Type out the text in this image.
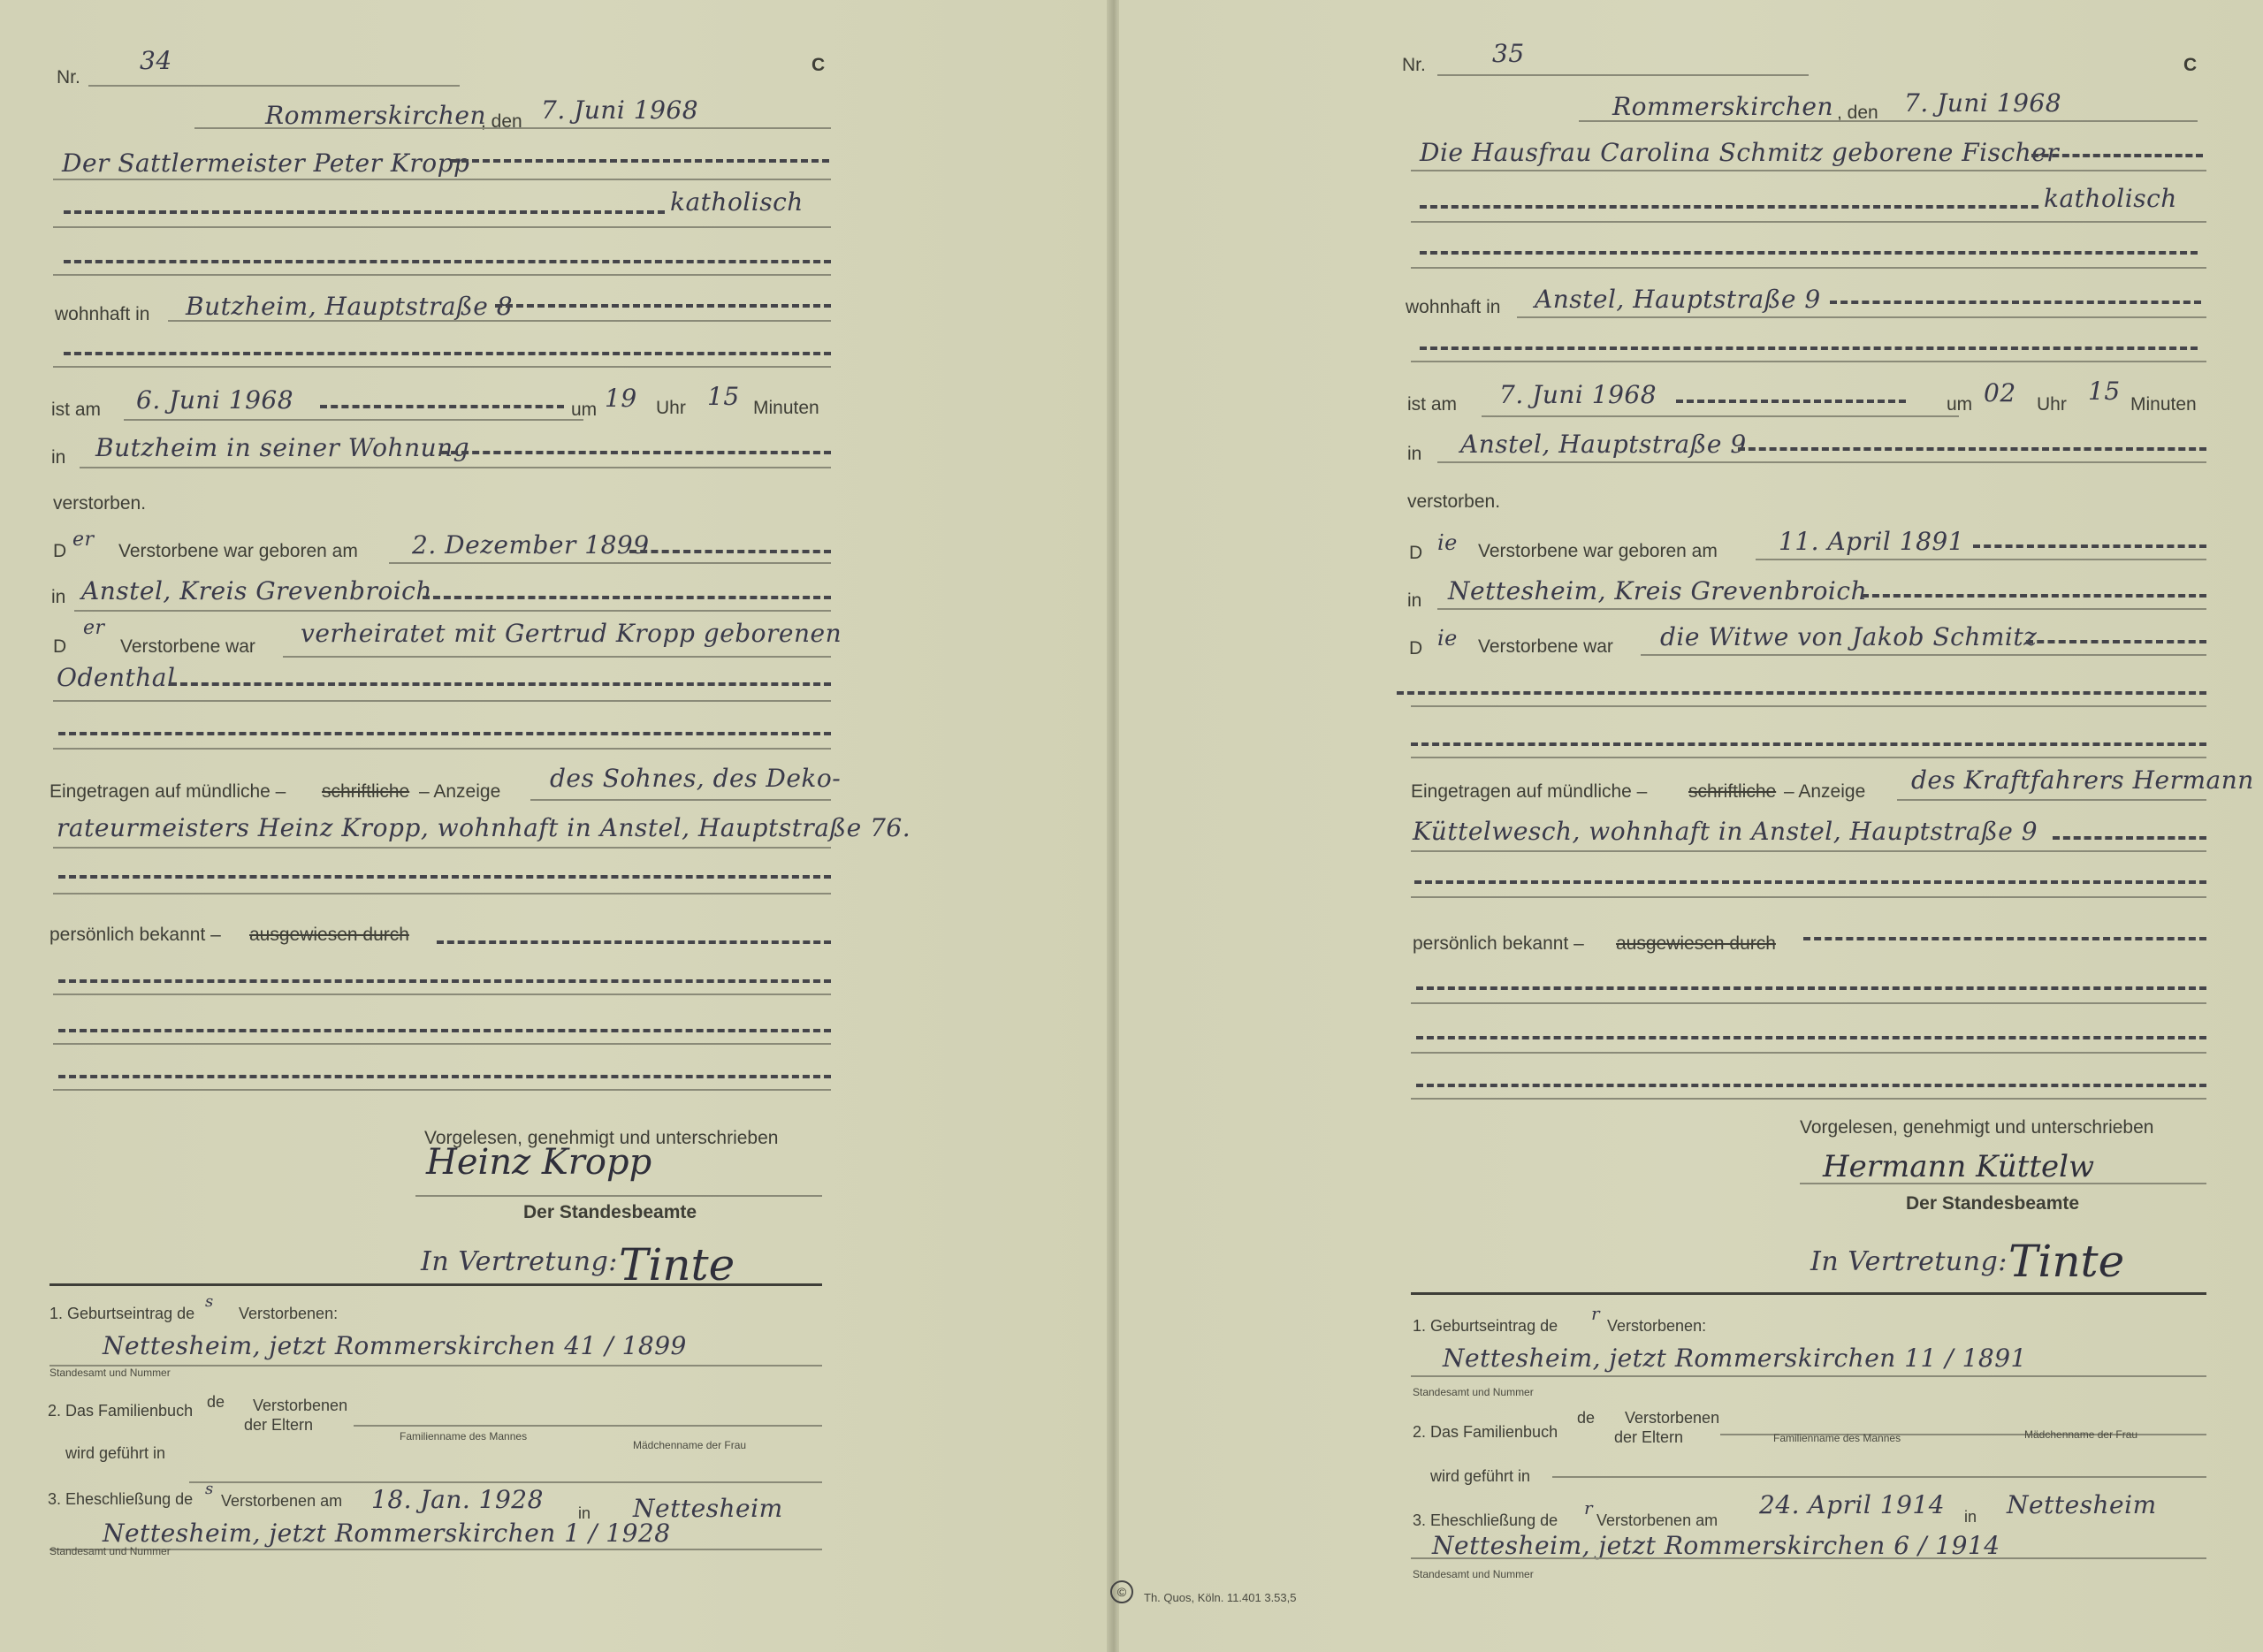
Nr.
34	C
Rommerskirchen
, den 7. Juni 1968
Der Sattlermeister Peter Kropp
katholisch
wohnhaft in Butzheim, Hauptstraße 8
ist am 6. Juni 1968	um 19 Uhr 15 Minuten
in Butzheim in seiner Wohnung
verstorben.
D
er
Verstorbene war geboren am 2. Dezember 1899
in Anstel, Kreis Grevenbroich
D
er
Verstorbene war verheiratet mit Gertrud Kropp geborenen
Odenthal
Eingetragen auf mündliche – schriftliche – Anzeige des Sohnes, des Deko-
rateurmeisters Heinz Kropp, wohnhaft in Anstel, Hauptstraße 76.
persönlich bekannt – ausgewiesen durch
Vorgelesen, genehmigt und unterschrieben
Heinz Kropp
Der Standesbeamte
In Vertretung: Tinte
1. Geburtseintrag de
s
Verstorbenen:
Nettesheim, jetzt Rommerskirchen 41 / 1899
Standesamt und Nummer
2. Das Familienbuch de Verstorbenen
der Eltern
Familienname des Mannes
Mädchenname der Frau
wird geführt in
3. Eheschließung de
s
Verstorbenen am 18. Jan. 1928 in Nettesheim
Nettesheim, jetzt Rommerskirchen 1 / 1928
Standesamt und Nummer
Nr.	35	C
Rommerskirchen , den 7. Juni 1968
Die Hausfrau Carolina Schmitz geborene Fischer
katholisch
wohnhaft in Anstel, Hauptstraße 9
ist am 7. Juni 1968	um 02 Uhr 15 Minuten
in Anstel, Hauptstraße 9
verstorben.
D ie Verstorbene war geboren am 11. April 1891
in Nettesheim, Kreis Grevenbroich
D ie Verstorbene war die Witwe von Jakob Schmitz
Eingetragen auf mündliche – schriftliche – Anzeige des Kraftfahrers Hermann
Küttelwesch, wohnhaft in Anstel, Hauptstraße 9
persönlich bekannt – ausgewiesen durch
Vorgelesen, genehmigt und unterschrieben
Hermann Küttelw
Der Standesbeamte
In Vertretung: Tinte
1. Geburtseintrag de
r
Verstorbenen:
Nettesheim, jetzt Rommerskirchen 11 / 1891
Standesamt und Nummer
2. Das Familienbuch
de Verstorbenen
der Eltern	Familienname des Mannes	Mädchenname der Frau
wird geführt in
3. Eheschließung de
r
Verstorbenen am
24. April 1914 in Nettesheim
Nettesheim, jetzt Rommerskirchen 6 / 1914
Standesamt und Nummer
©	Th. Quos, Köln. 11.401 3.53,5
